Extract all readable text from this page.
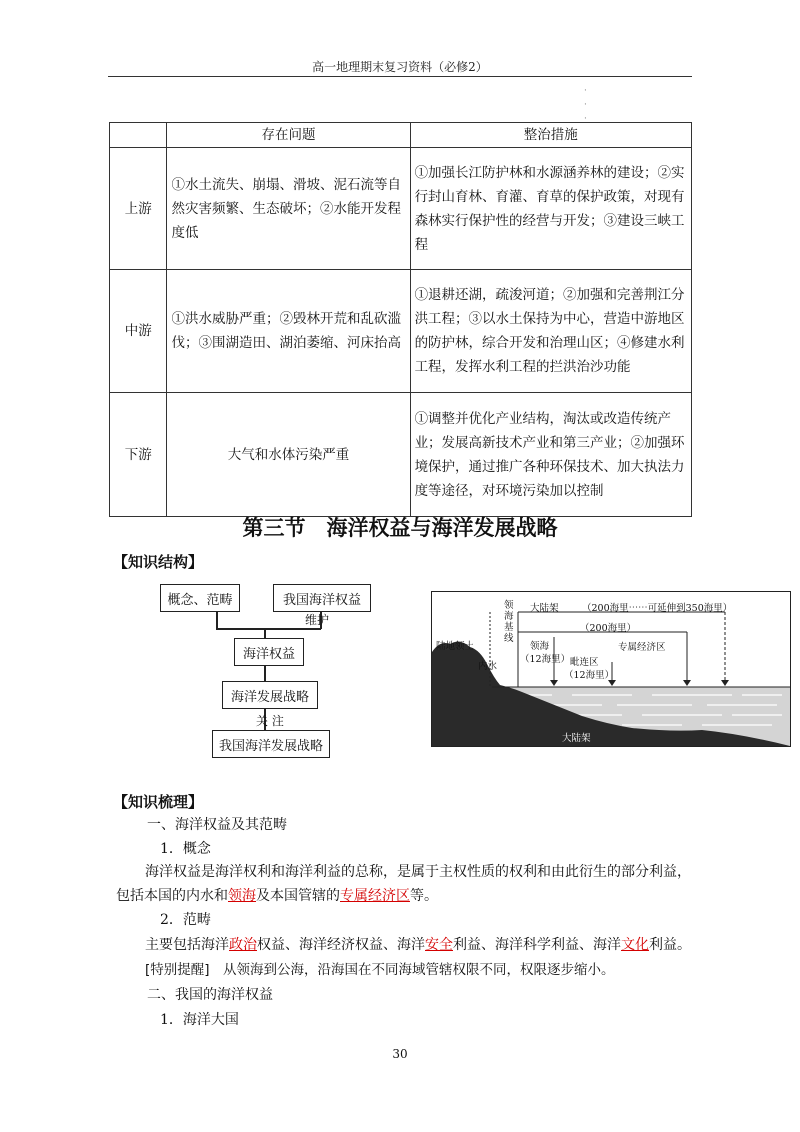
高一地理期末复习资料（必修2）
·
·
·
	存在问题	整治措施
上游	①水土流失、崩塌、滑坡、泥石流等自然灾害频繁、生态破坏；②水能开发程度低	①加强长江防护林和水源涵养林的建设；②实行封山育林、育灌、育草的保护政策，对现有森林实行保护性的经营与开发；③建设三峡工程
中游	①洪水威胁严重；②毁林开荒和乱砍滥伐；③围湖造田、湖泊萎缩、河床抬高	①退耕还湖，疏浚河道；②加强和完善荆江分洪工程；③以水土保持为中心，营造中游地区的防护林，综合开发和治理山区；④修建水利工程，发挥水利工程的拦洪治沙功能
下游	大气和水体污染严重	①调整并优化产业结构，淘汰或改造传统产业；发展高新技术产业和第三产业；②加强环境保护，通过推广各种环保技术、加大执法力度等途径，对环境污染加以控制
第三节　海洋权益与海洋发展战略
【知识结构】
概念、范畴	我国海洋权益
维护
海洋权益
海洋发展战略
关 注
我国海洋发展战略
大陆架 （200海里⋯⋯可延伸到350海里）
领海基线
（200海里）
陆地领土	领海
（12海里）
专属经济区
内水	毗连区
（12海里）
大陆架
【知识梳理】
一、海洋权益及其范畴
1．概念
海洋权益是海洋权利和海洋利益的总称，是属于主权性质的权利和由此衍生的部分利益，
包括本国的内水和领海及本国管辖的专属经济区等。
2．范畴
主要包括海洋政治权益、海洋经济权益、海洋安全利益、海洋科学利益、海洋文化利益。
[特别提醒]　从领海到公海，沿海国在不同海域管辖权限不同，权限逐步缩小。
二、我国的海洋权益
1．海洋大国
30
